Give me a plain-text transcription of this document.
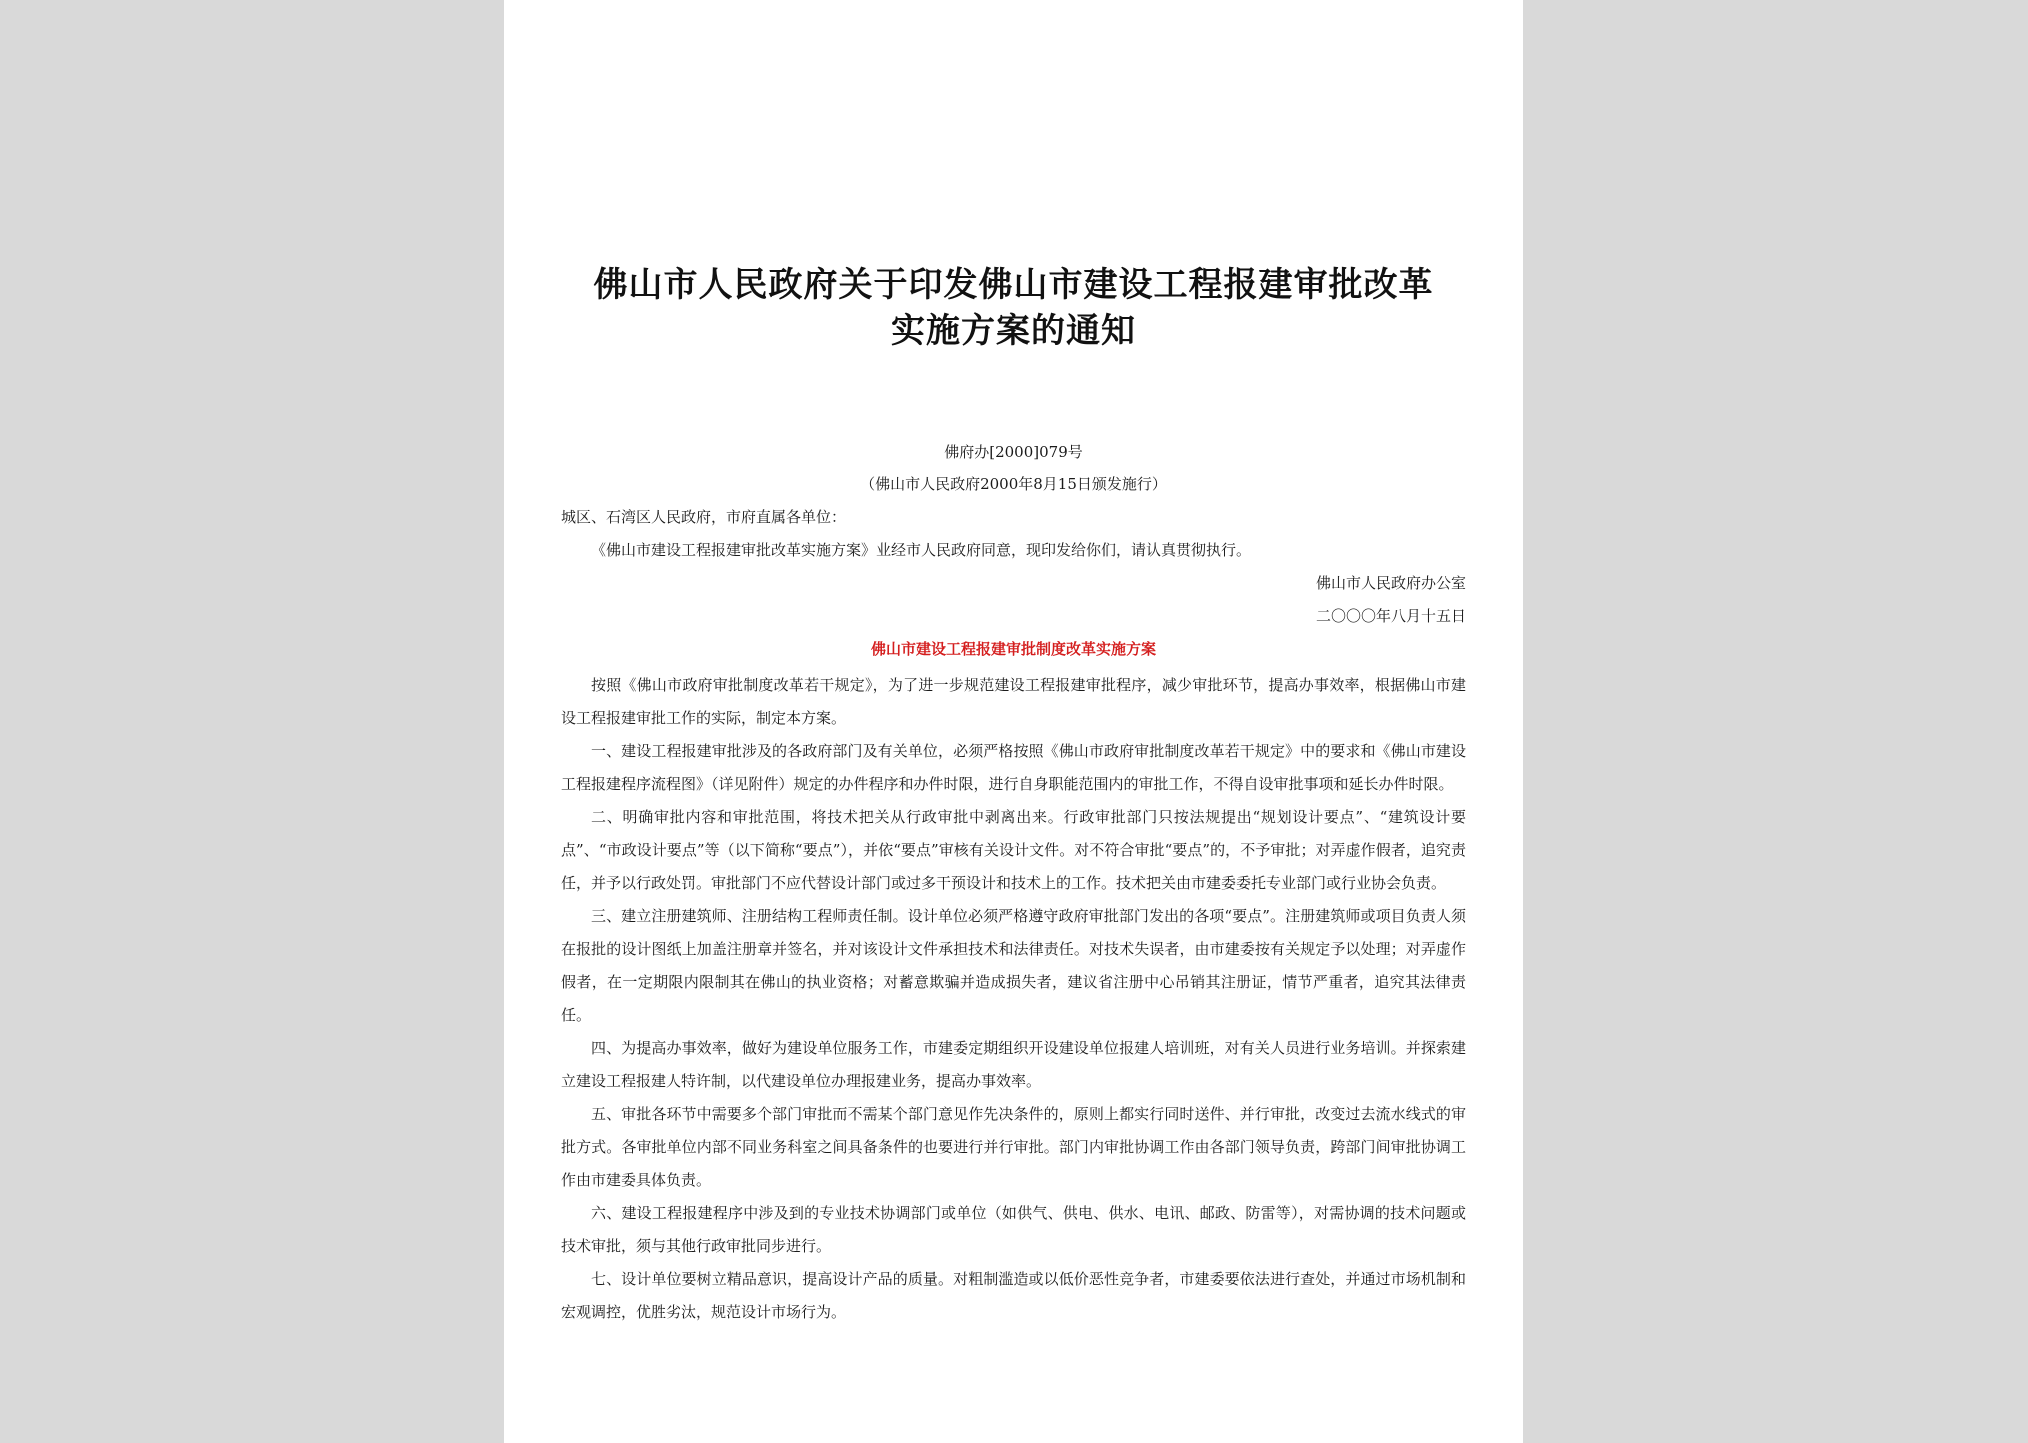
佛山市人民政府关于印发佛山市建设工程报建审批改革
实施方案的通知
佛府办[2000]079号
（佛山市人民政府2000年8月15日颁发施行）
城区、石湾区人民政府，市府直属各单位：
《佛山市建设工程报建审批改革实施方案》业经市人民政府同意，现印发给你们，请认真贯彻执行。
佛山市人民政府办公室
二〇〇〇年八月十五日
佛山市建设工程报建审批制度改革实施方案

按照《佛山市政府审批制度改革若干规定》，为了进一步规范建设工程报建审批程序，减少审批环节，提高办事效率，根据佛山市建设工程报建审批工作的实际，制定本方案。

一、建设工程报建审批涉及的各政府部门及有关单位，必须严格按照《佛山市政府审批制度改革若干规定》中的要求和《佛山市建设工程报建程序流程图》（详见附件）规定的办件程序和办件时限，进行自身职能范围内的审批工作，不得自设审批事项和延长办件时限。

二、明确审批内容和审批范围，将技术把关从行政审批中剥离出来。行政审批部门只按法规提出“规划设计要点”、“建筑设计要点”、“市政设计要点”等（以下简称“要点”），并依“要点”审核有关设计文件。对不符合审批“要点”的，不予审批；对弄虚作假者，追究责任，并予以行政处罚。审批部门不应代替设计部门或过多干预设计和技术上的工作。技术把关由市建委委托专业部门或行业协会负责。

三、建立注册建筑师、注册结构工程师责任制。设计单位必须严格遵守政府审批部门发出的各项“要点”。注册建筑师或项目负责人须在报批的设计图纸上加盖注册章并签名，并对该设计文件承担技术和法律责任。对技术失误者，由市建委按有关规定予以处理；对弄虚作假者，在一定期限内限制其在佛山的执业资格；对蓄意欺骗并造成损失者，建议省注册中心吊销其注册证，情节严重者，追究其法律责任。

四、为提高办事效率，做好为建设单位服务工作，市建委定期组织开设建设单位报建人培训班，对有关人员进行业务培训。并探索建立建设工程报建人特许制，以代建设单位办理报建业务，提高办事效率。

五、审批各环节中需要多个部门审批而不需某个部门意见作先决条件的，原则上都实行同时送件、并行审批，改变过去流水线式的审批方式。各审批单位内部不同业务科室之间具备条件的也要进行并行审批。部门内审批协调工作由各部门领导负责，跨部门间审批协调工作由市建委具体负责。

六、建设工程报建程序中涉及到的专业技术协调部门或单位（如供气、供电、供水、电讯、邮政、防雷等），对需协调的技术问题或技术审批，须与其他行政审批同步进行。

七、设计单位要树立精品意识，提高设计产品的质量。对粗制滥造或以低价恶性竞争者，市建委要依法进行查处，并通过市场机制和宏观调控，优胜劣汰，规范设计市场行为。
